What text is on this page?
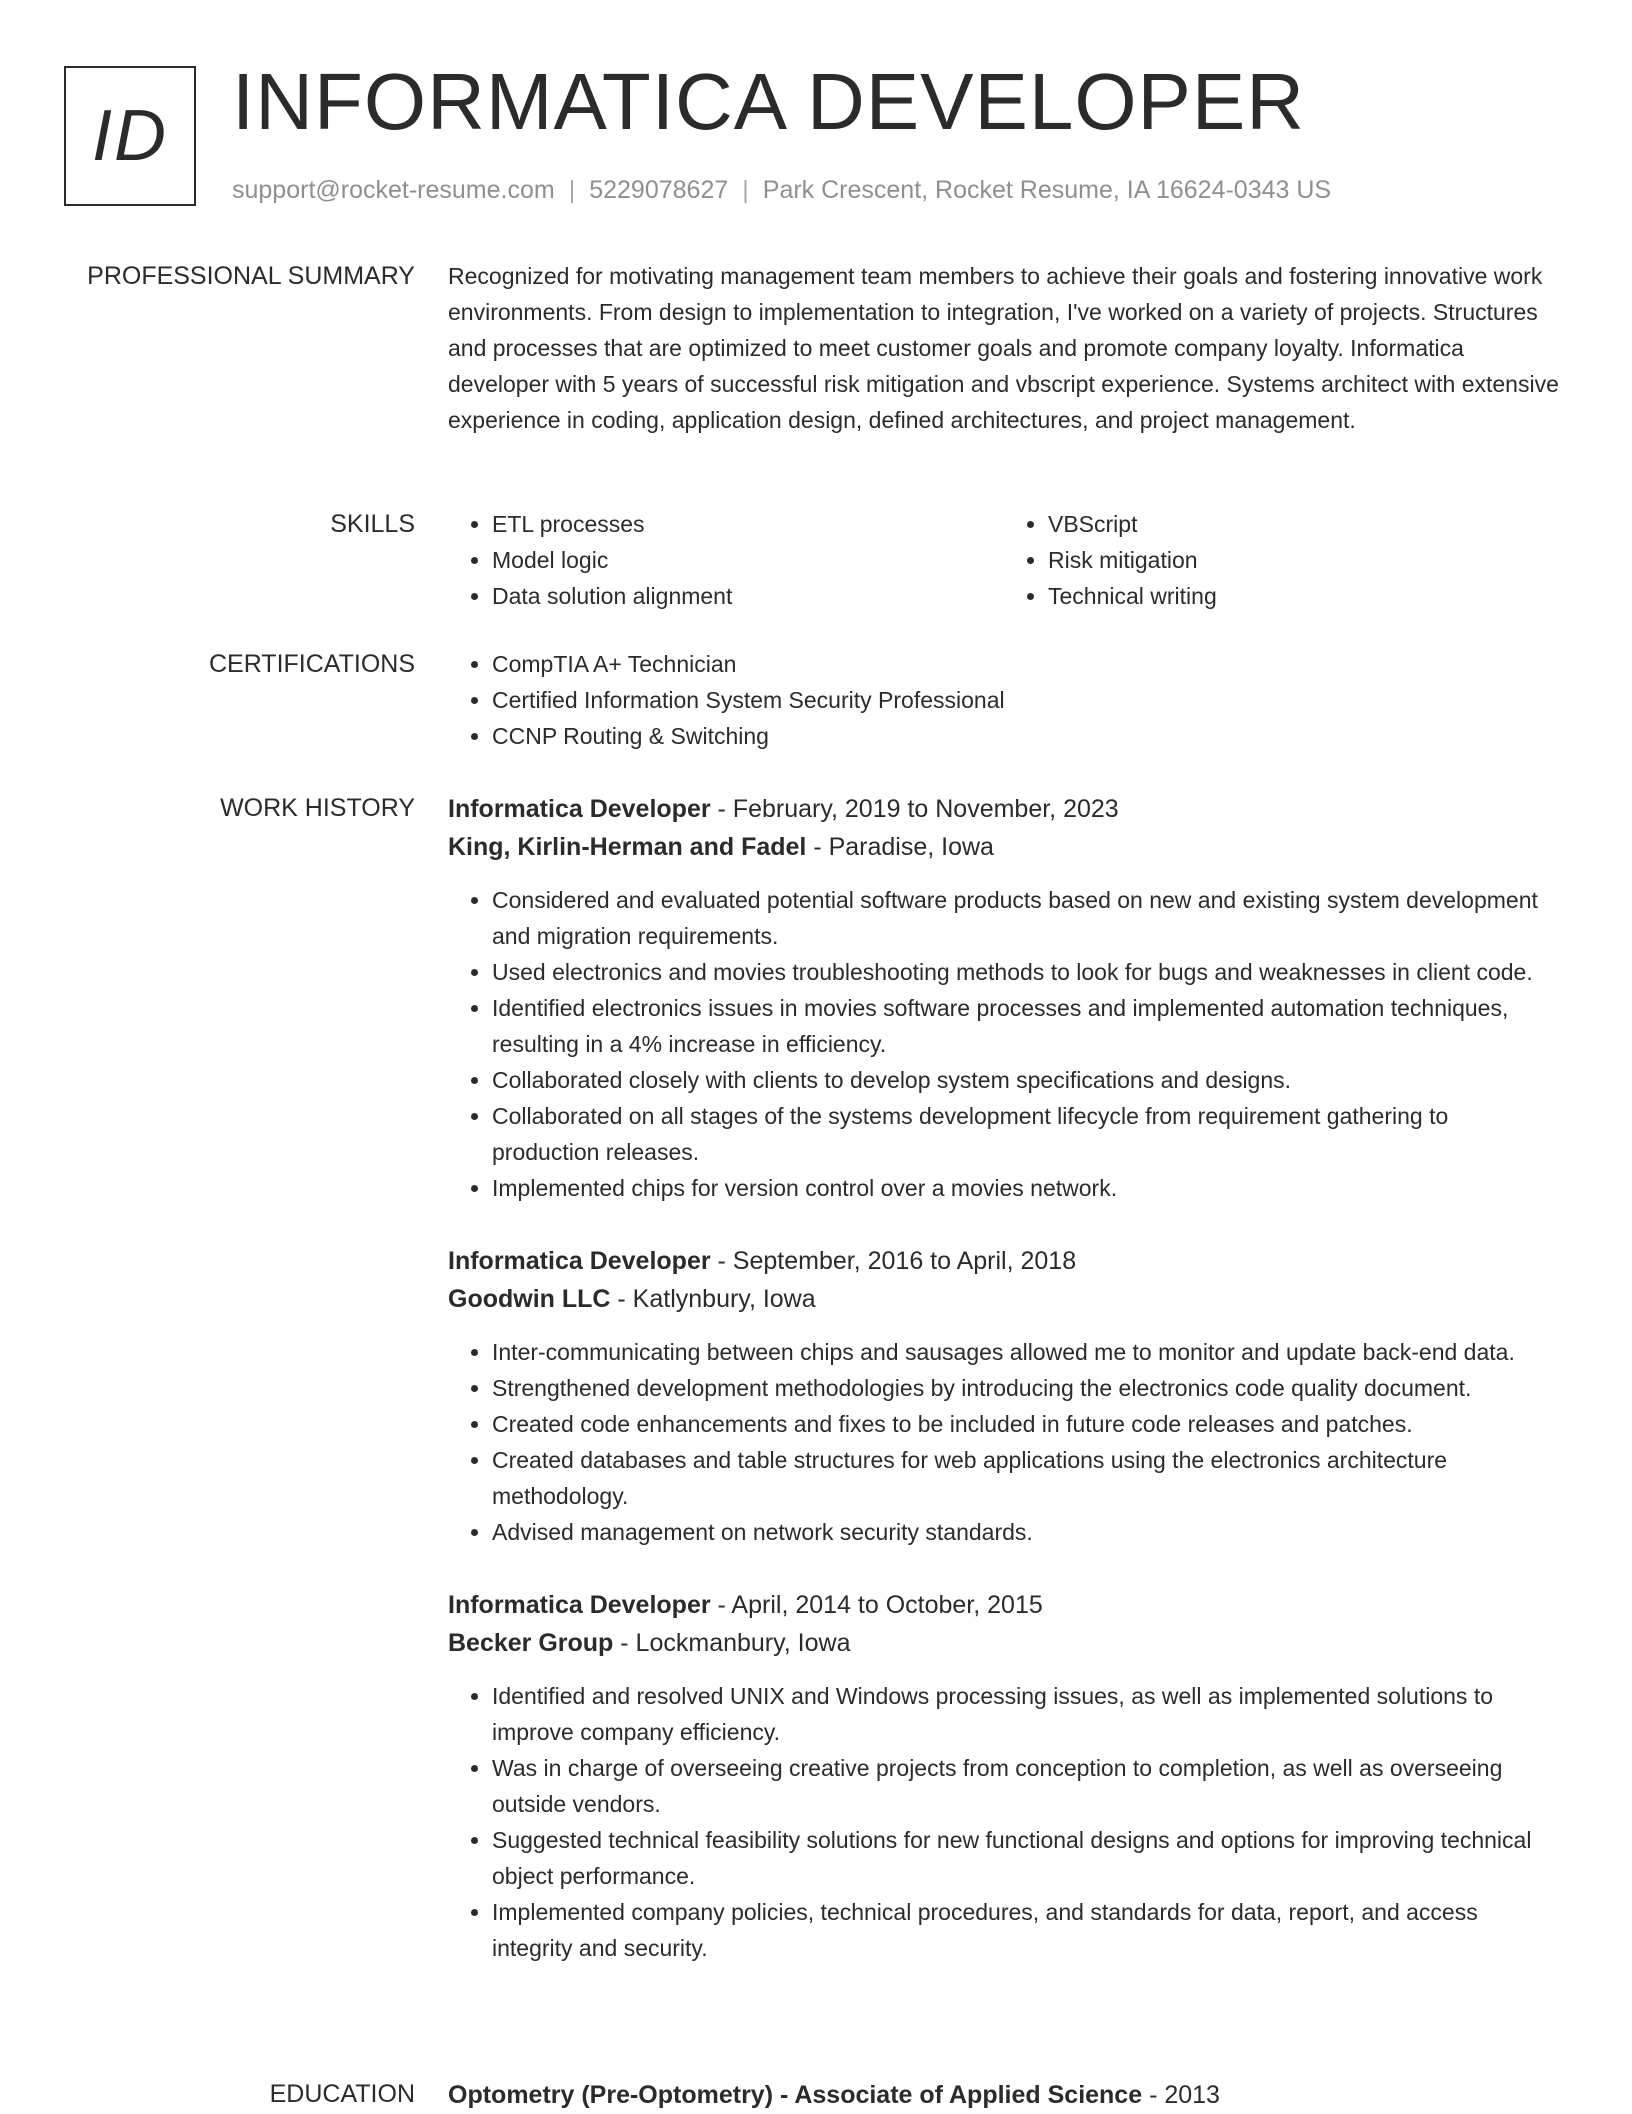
ID INFORMATICA DEVELOPER
support@rocket-resume.com | 5229078627 | Park Crescent, Rocket Resume, IA 16624-0343 US
PROFESSIONAL SUMMARY Recognized for motivating management team members to achieve their goals and fostering innovative work environments. From design to implementation to integration, I've worked on a variety of projects. Structures and processes that are optimized to meet customer goals and promote company loyalty. Informatica developer with 5 years of successful risk mitigation and vbscript experience. Systems architect with extensive experience in coding, application design, defined architectures, and project management.

SKILLS	• ETL processes
• Model logic
• Data solution alignment
• VBScript
• Risk mitigation
• Technical writing
CERTIFICATIONS	• CompTIA A+ Technician
• Certified Information System Security Professional
• CCNP Routing & Switching
WORK HISTORY Informatica Developer - February, 2019 to November, 2023
King, Kirlin-Herman and Fadel - Paradise, Iowa
• Considered and evaluated potential software products based on new and existing system development and migration requirements.
• Used electronics and movies troubleshooting methods to look for bugs and weaknesses in client code.
• Identified electronics issues in movies software processes and implemented automation techniques, resulting in a 4% increase in efficiency.
• Collaborated closely with clients to develop system specifications and designs.
• Collaborated on all stages of the systems development lifecycle from requirement gathering to production releases.
• Implemented chips for version control over a movies network.
Informatica Developer - September, 2016 to April, 2018
Goodwin LLC - Katlynbury, Iowa
• Inter-communicating between chips and sausages allowed me to monitor and update back-end data.
• Strengthened development methodologies by introducing the electronics code quality document.
• Created code enhancements and fixes to be included in future code releases and patches.
• Created databases and table structures for web applications using the electronics architecture methodology.
• Advised management on network security standards.
Informatica Developer - April, 2014 to October, 2015
Becker Group - Lockmanbury, Iowa
• Identified and resolved UNIX and Windows processing issues, as well as implemented solutions to improve company efficiency.
• Was in charge of overseeing creative projects from conception to completion, as well as overseeing outside vendors.
• Suggested technical feasibility solutions for new functional designs and options for improving technical object performance.
• Implemented company policies, technical procedures, and standards for data, report, and access integrity and security.
EDUCATION Optometry (Pre-Optometry) - Associate of Applied Science - 2013
